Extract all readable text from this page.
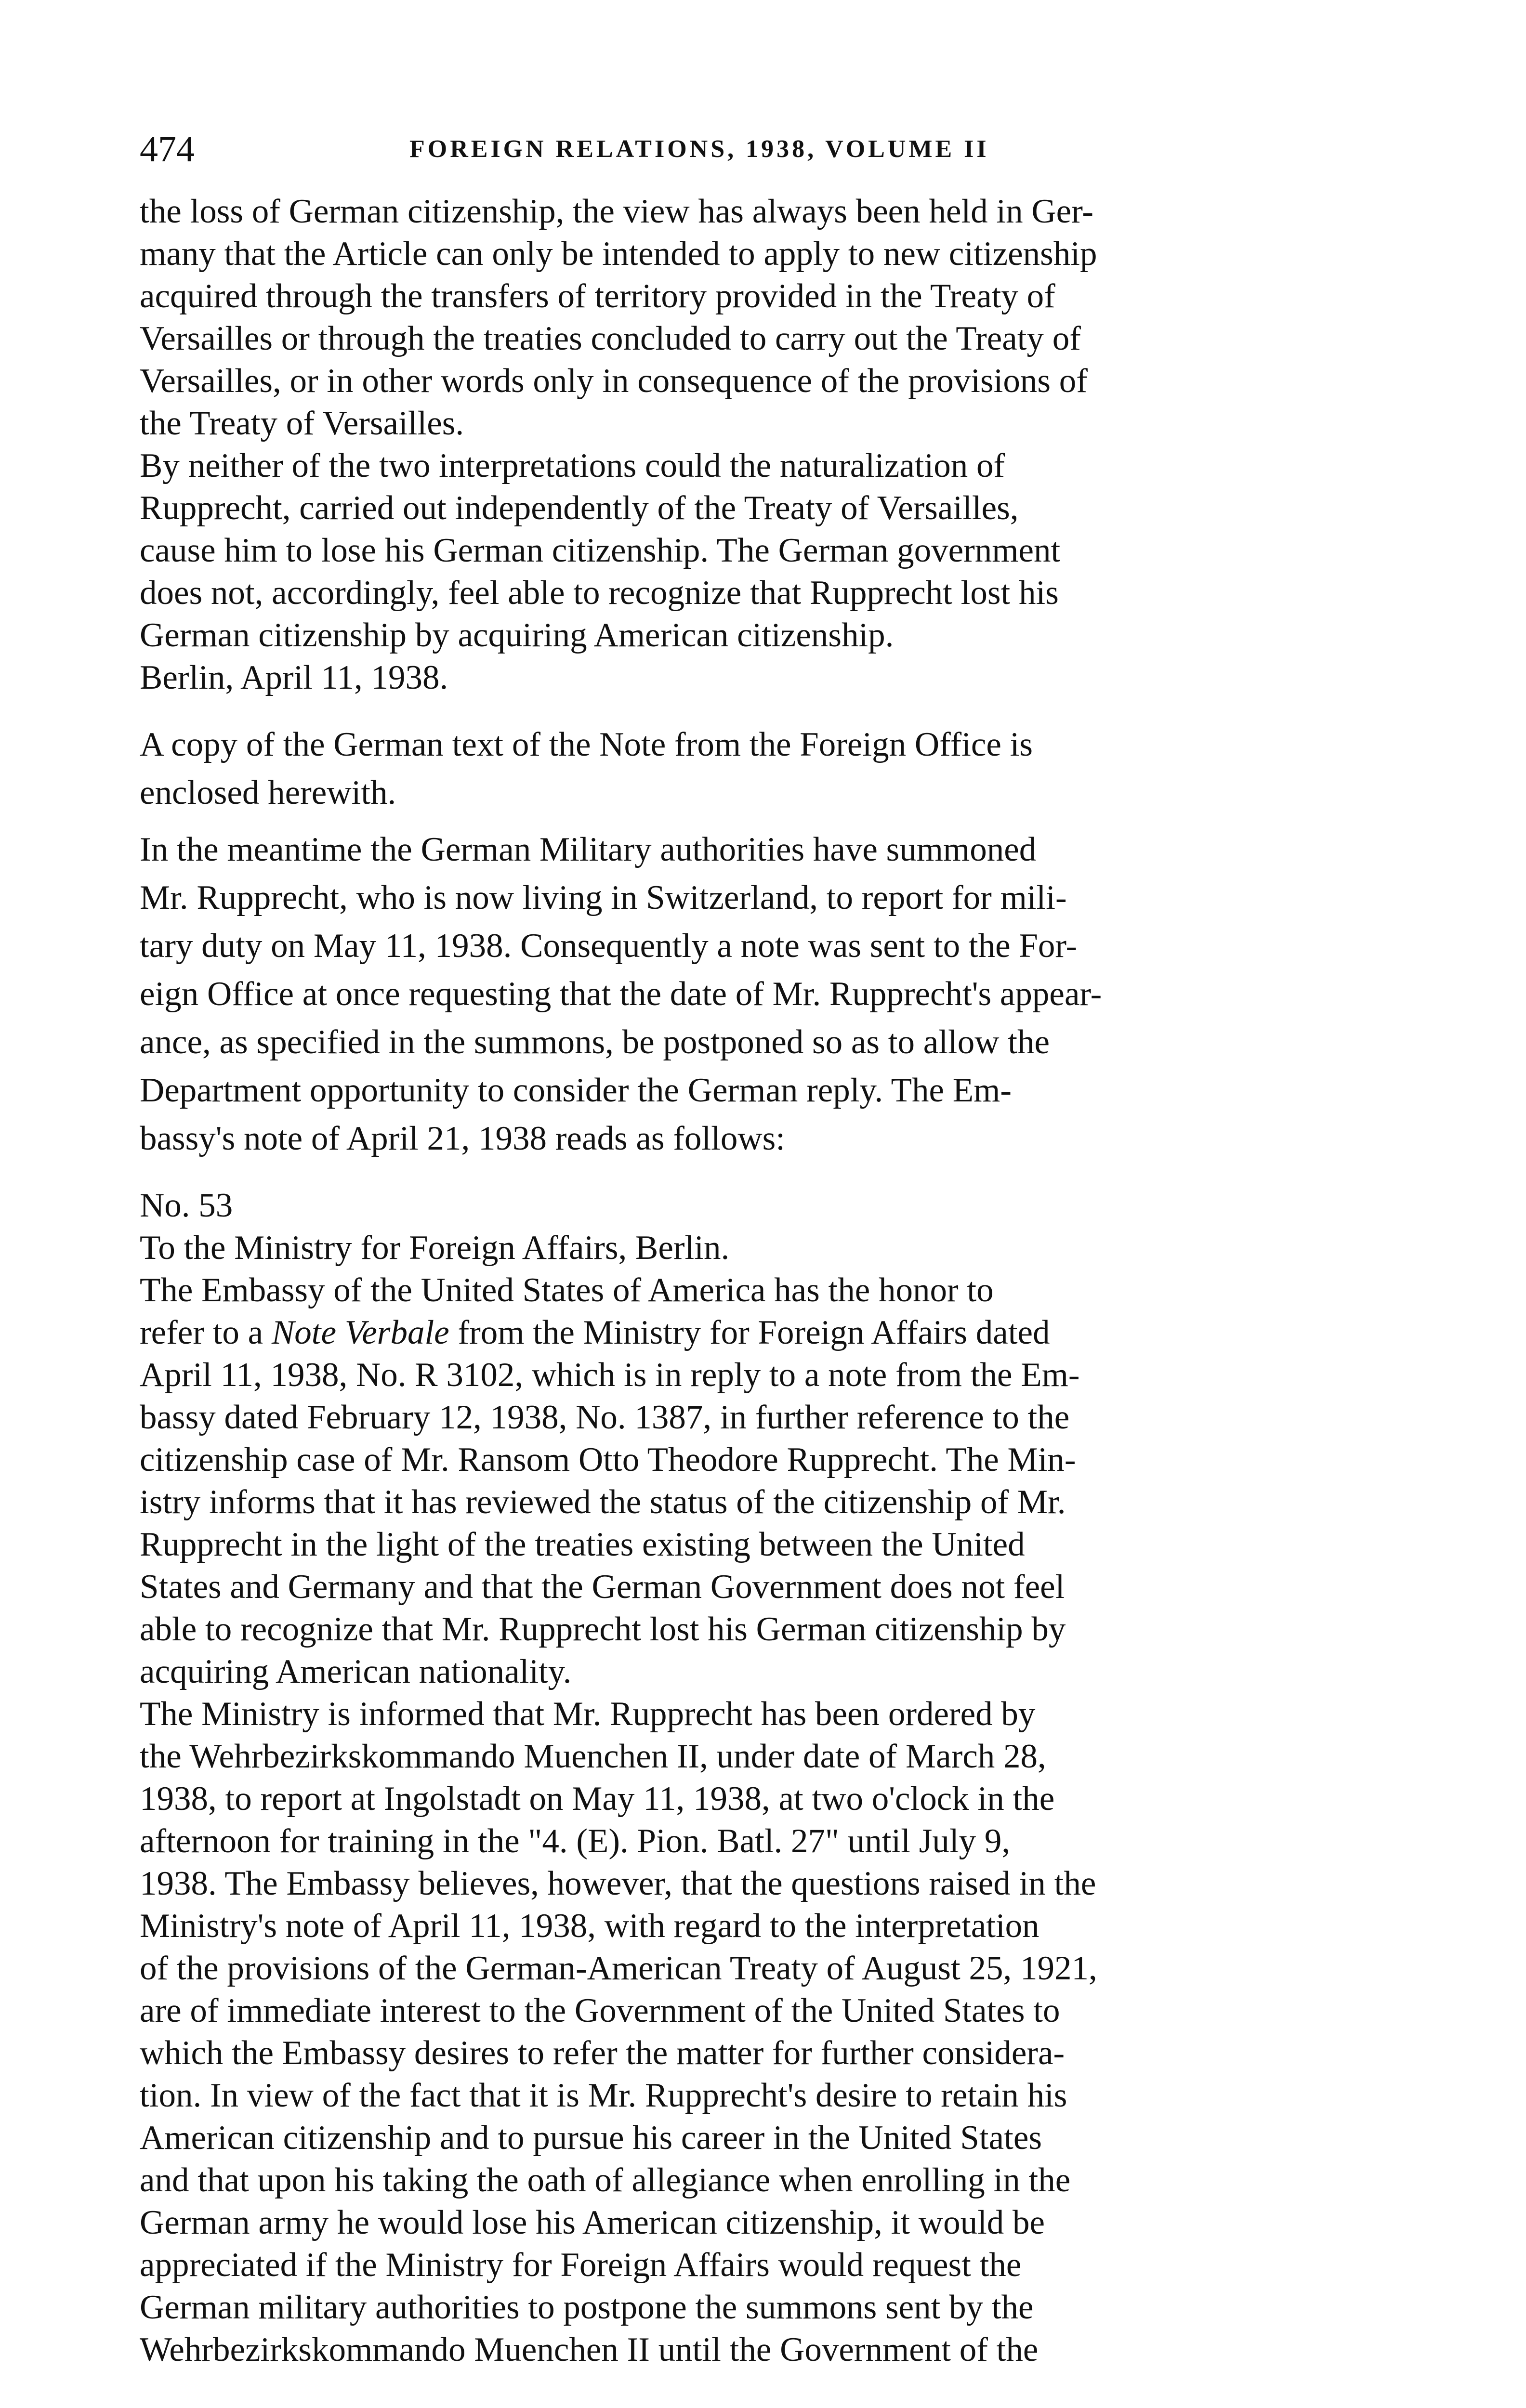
474	FOREIGN RELATIONS, 1938, VOLUME II

the loss of German citizenship, the view has always been held in Ger-
many that the Article can only be intended to apply to new citizenship
acquired through the transfers of territory provided in the Treaty of
Versailles or through the treaties concluded to carry out the Treaty of
Versailles, or in other words only in consequence of the provisions of
the Treaty of Versailles.

By neither of the two interpretations could the naturalization of
Rupprecht, carried out independently of the Treaty of Versailles,
cause him to lose his German citizenship. The German government
does not, accordingly, feel able to recognize that Rupprecht lost his
German citizenship by acquiring American citizenship.

Berlin, April 11, 1938.

A copy of the German text of the Note from the Foreign Office is
enclosed herewith.

In the meantime the German Military authorities have summoned
Mr. Rupprecht, who is now living in Switzerland, to report for mili-
tary duty on May 11, 1938. Consequently a note was sent to the For-
eign Office at once requesting that the date of Mr. Rupprecht's appear-
ance, as specified in the summons, be postponed so as to allow the
Department opportunity to consider the German reply. The Em-
bassy's note of April 21, 1938 reads as follows:

No. 53

To the Ministry for Foreign Affairs, Berlin.

The Embassy of the United States of America has the honor to
refer to a Note Verbale from the Ministry for Foreign Affairs dated
April 11, 1938, No. R 3102, which is in reply to a note from the Em-
bassy dated February 12, 1938, No. 1387, in further reference to the
citizenship case of Mr. Ransom Otto Theodore Rupprecht. The Min-
istry informs that it has reviewed the status of the citizenship of Mr.
Rupprecht in the light of the treaties existing between the United
States and Germany and that the German Government does not feel
able to recognize that Mr. Rupprecht lost his German citizenship by
acquiring American nationality.

The Ministry is informed that Mr. Rupprecht has been ordered by
the Wehrbezirkskommando Muenchen II, under date of March 28,
1938, to report at Ingolstadt on May 11, 1938, at two o'clock in the
afternoon for training in the "4. (E). Pion. Batl. 27" until July 9,
1938. The Embassy believes, however, that the questions raised in the
Ministry's note of April 11, 1938, with regard to the interpretation
of the provisions of the German-American Treaty of August 25, 1921,
are of immediate interest to the Government of the United States to
which the Embassy desires to refer the matter for further considera-
tion. In view of the fact that it is Mr. Rupprecht's desire to retain his
American citizenship and to pursue his career in the United States
and that upon his taking the oath of allegiance when enrolling in the
German army he would lose his American citizenship, it would be
appreciated if the Ministry for Foreign Affairs would request the
German military authorities to postpone the summons sent by the
Wehrbezirkskommando Muenchen II until the Government of the
